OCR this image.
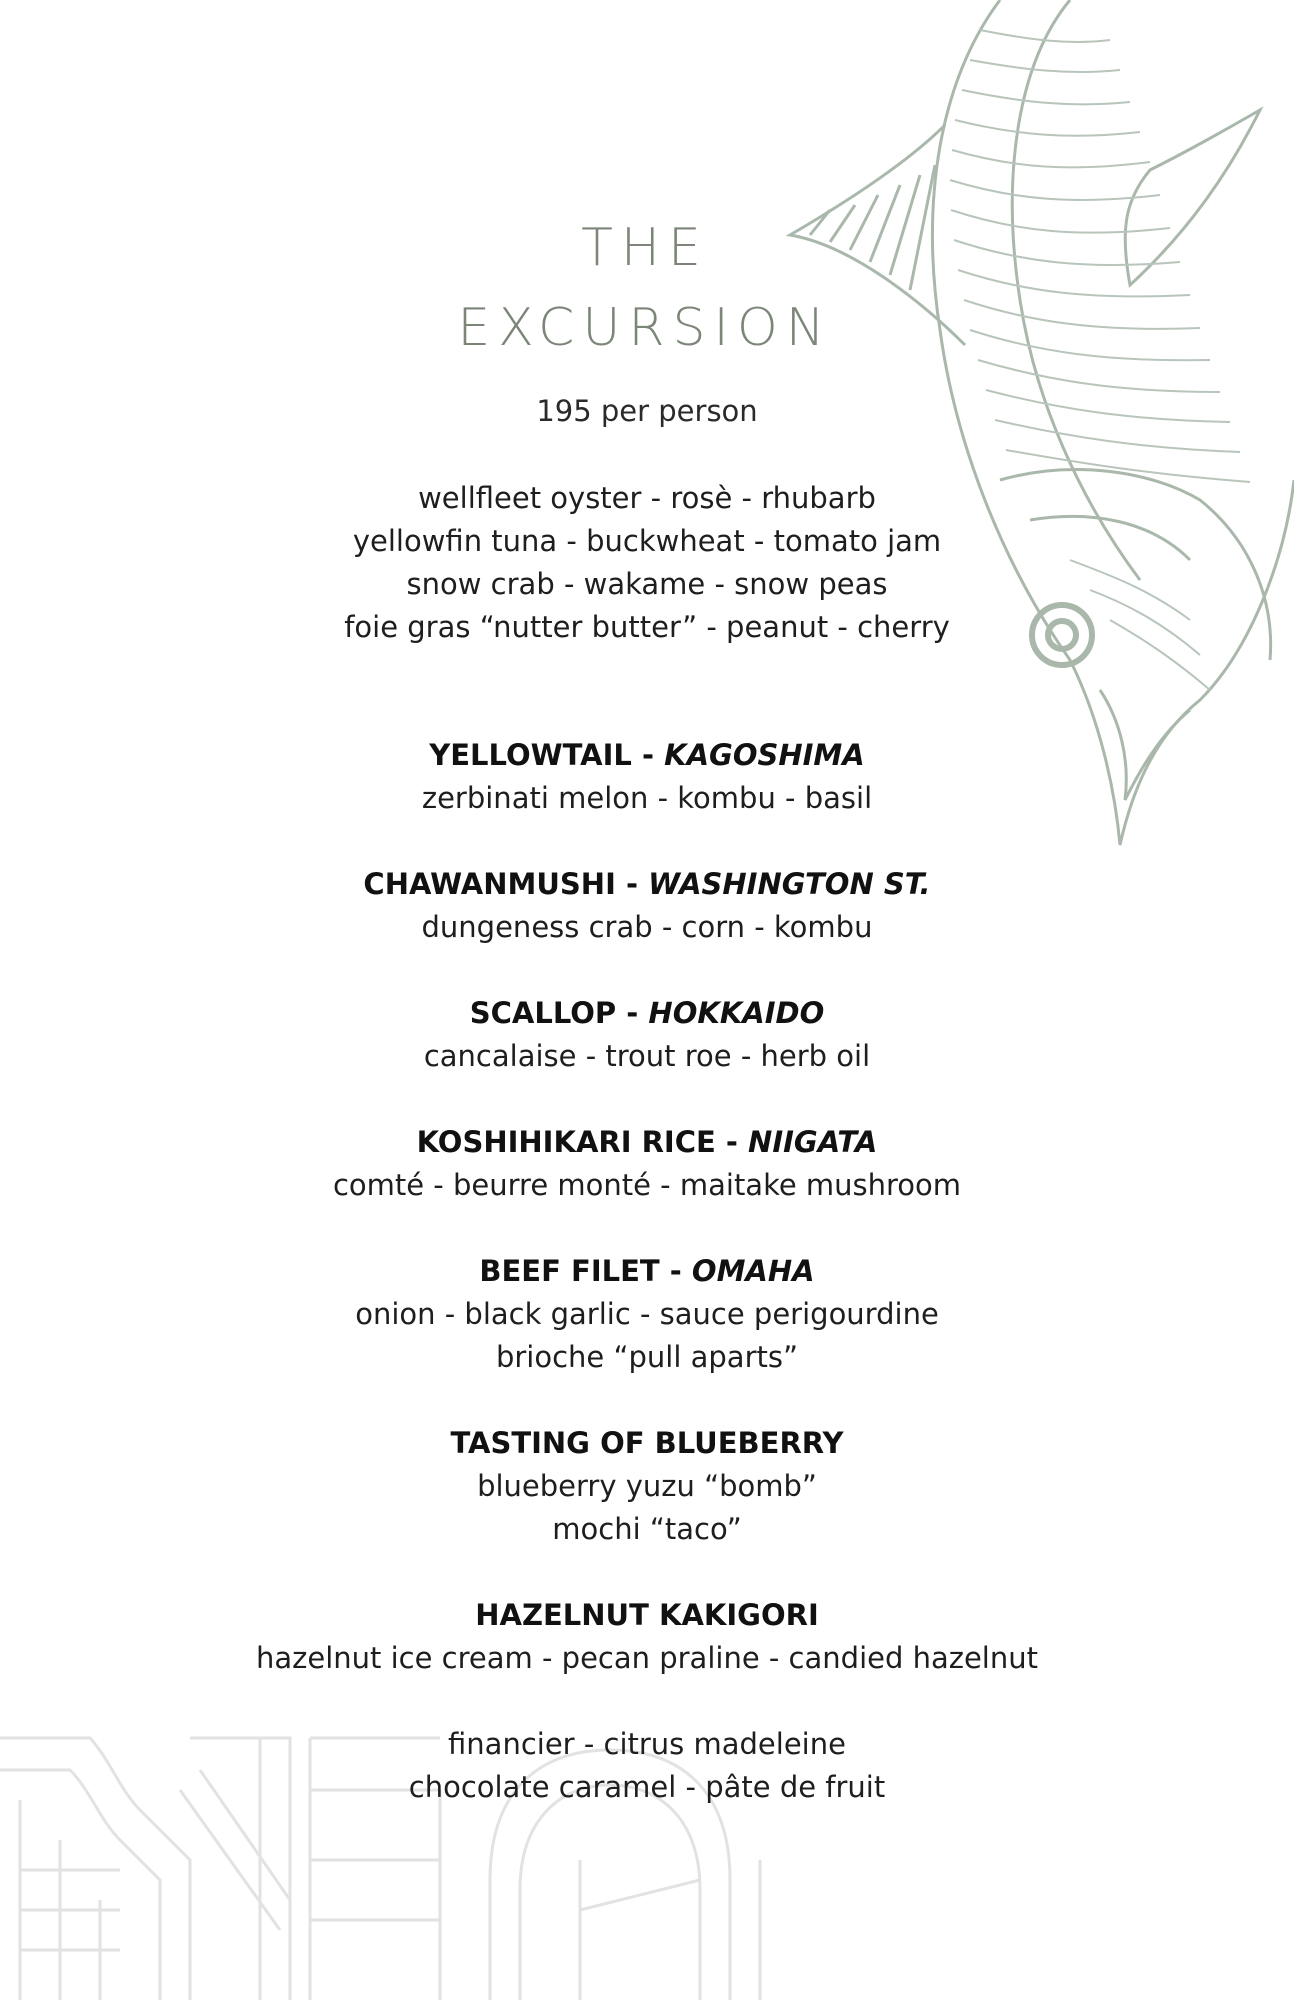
THE
EXCURSION
195 per person
wellfleet oyster - rosè - rhubarb
yellowfin tuna - buckwheat - tomato jam
snow crab - wakame - snow peas
foie gras “nutter butter” - peanut - cherry
YELLOWTAIL - KAGOSHIMA
zerbinati melon - kombu - basil
CHAWANMUSHI - WASHINGTON ST.
dungeness crab - corn - kombu
SCALLOP - HOKKAIDO
cancalaise - trout roe - herb oil
KOSHIHIKARI RICE - NIIGATA
comté - beurre monté - maitake mushroom
BEEF FILET - OMAHA
onion - black garlic - sauce perigourdine
brioche “pull aparts”
TASTING OF BLUEBERRY
blueberry yuzu “bomb”
mochi “taco”
HAZELNUT KAKIGORI
hazelnut ice cream - pecan praline - candied hazelnut
financier - citrus madeleine
chocolate caramel - pâte de fruit
